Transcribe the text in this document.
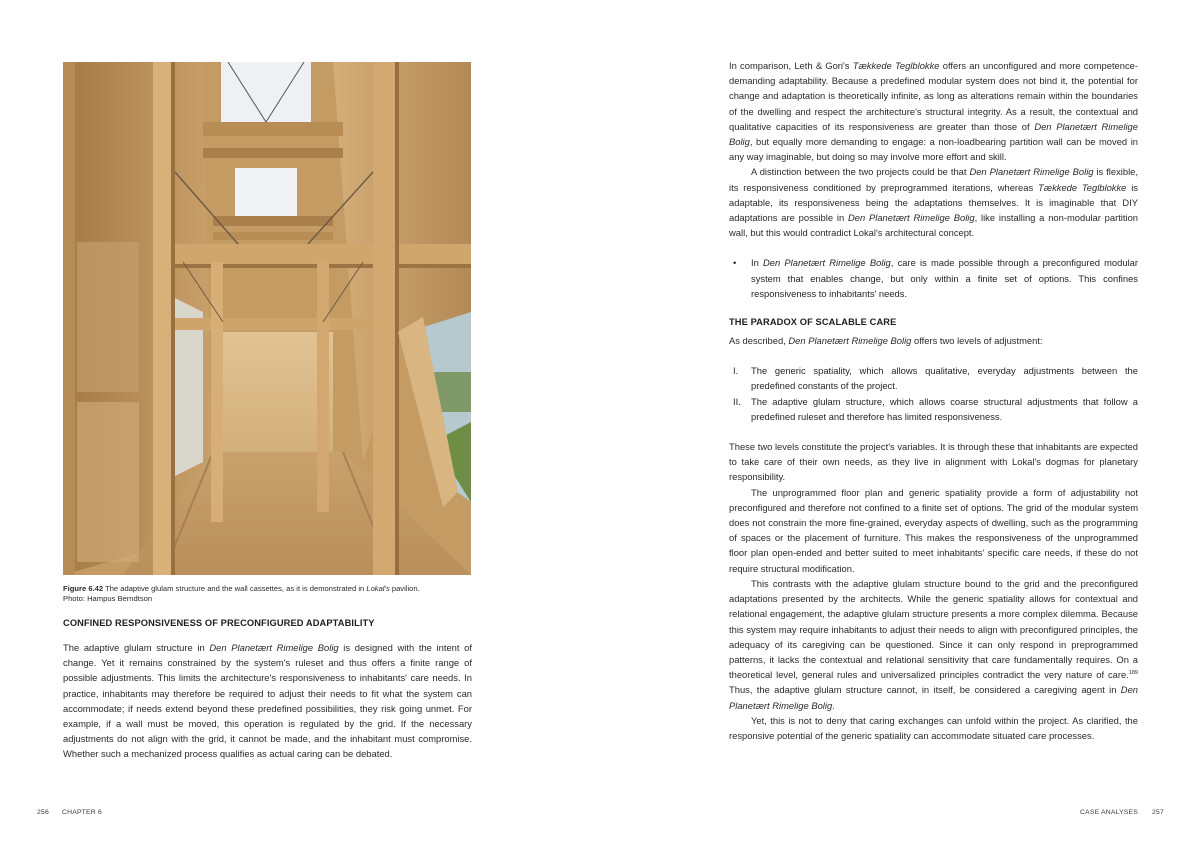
Figure 6.42 The adaptive glulam structure and the wall cassettes, as it is demonstrated in Lokal's pavilion.
Photo: Hampus Berndtson
CONFINED RESPONSIVENESS OF PRECONFIGURED ADAPTABILITY

The adaptive glulam structure in Den Planetært Rimelige Bolig is designed with the intent of change. Yet it remains constrained by the system's ruleset and thus offers a finite range of possible adjustments. This limits the architecture's responsiveness to inhabitants' care needs. In practice, inhabitants may therefore be required to adjust their needs to fit what the system can accommodate; if needs extend beyond these predefined possibilities, they risk going unmet. For example, if a wall must be moved, this operation is regulated by the grid. If the necessary adjustments do not align with the grid, it cannot be made, and the inhabitant must compromise. Whether such a mechanized process qualifies as actual caring can be debated.

256 CHAPTER 6

In comparison, Leth & Gori's Tækkede Teglblokke offers an unconfigured and more competence-demanding adaptability. Because a predefined modular system does not bind it, the potential for change and adaptation is theoretically infinite, as long as alterations remain within the boundaries of the dwelling and respect the architecture's structural integrity. As a result, the contextual and qualitative capacities of its responsiveness are greater than those of Den Planetært Rimelige Bolig, but equally more demanding to engage: a non-loadbearing partition wall can be moved in any way imaginable, but doing so may involve more effort and skill.

A distinction between the two projects could be that Den Planetært Rimelige Bolig is flexible, its responsiveness conditioned by preprogrammed iterations, whereas Tækkede Teglblokke is adaptable, its responsiveness being the adaptations themselves. It is imaginable that DIY adaptations are possible in Den Planetært Rimelige Bolig, like installing a non-modular partition wall, but this would contradict Lokal's architectural concept.

•	In Den Planetært Rimelige Bolig, care is made possible through a preconfigured modular system that enables change, but only within a finite set of options. This confines responsiveness to inhabitants' needs.
THE PARADOX OF SCALABLE CARE

As described, Den Planetært Rimelige Bolig offers two levels of adjustment:

I.	The generic spatiality, which allows qualitative, everyday adjustments between the predefined constants of the project.
II.	The adaptive glulam structure, which allows coarse structural adjustments that follow a predefined ruleset and therefore has limited responsiveness.

These two levels constitute the project's variables. It is through these that inhabitants are expected to take care of their own needs, as they live in alignment with Lokal's dogmas for planetary responsibility.

The unprogrammed floor plan and generic spatiality provide a form of adjustability not preconfigured and therefore not confined to a finite set of options. The grid of the modular system does not constrain the more fine-grained, everyday aspects of dwelling, such as the programming of spaces or the placement of furniture. This makes the responsiveness of the unprogrammed floor plan open-ended and better suited to meet inhabitants' specific care needs, if these do not require structural modification.

This contrasts with the adaptive glulam structure bound to the grid and the preconfigured adaptations presented by the architects. While the generic spatiality allows for contextual and relational engagement, the adaptive glulam structure presents a more complex dilemma. Because this system may require inhabitants to adjust their needs to align with preconfigured principles, the adequacy of its caregiving can be questioned. Since it can only respond in preprogrammed patterns, it lacks the contextual and relational sensitivity that care fundamentally requires. On a theoretical level, general rules and universalized principles contradict the very nature of care.$^{189}$ Thus, the adaptive glulam structure cannot, in itself, be considered a caregiving agent in Den Planetært Rimelige Bolig.

Yet, this is not to deny that caring exchanges can unfold within the project. As clarified, the responsive potential of the generic spatiality can accommodate situated care processes.

CASE ANALYSES 257
